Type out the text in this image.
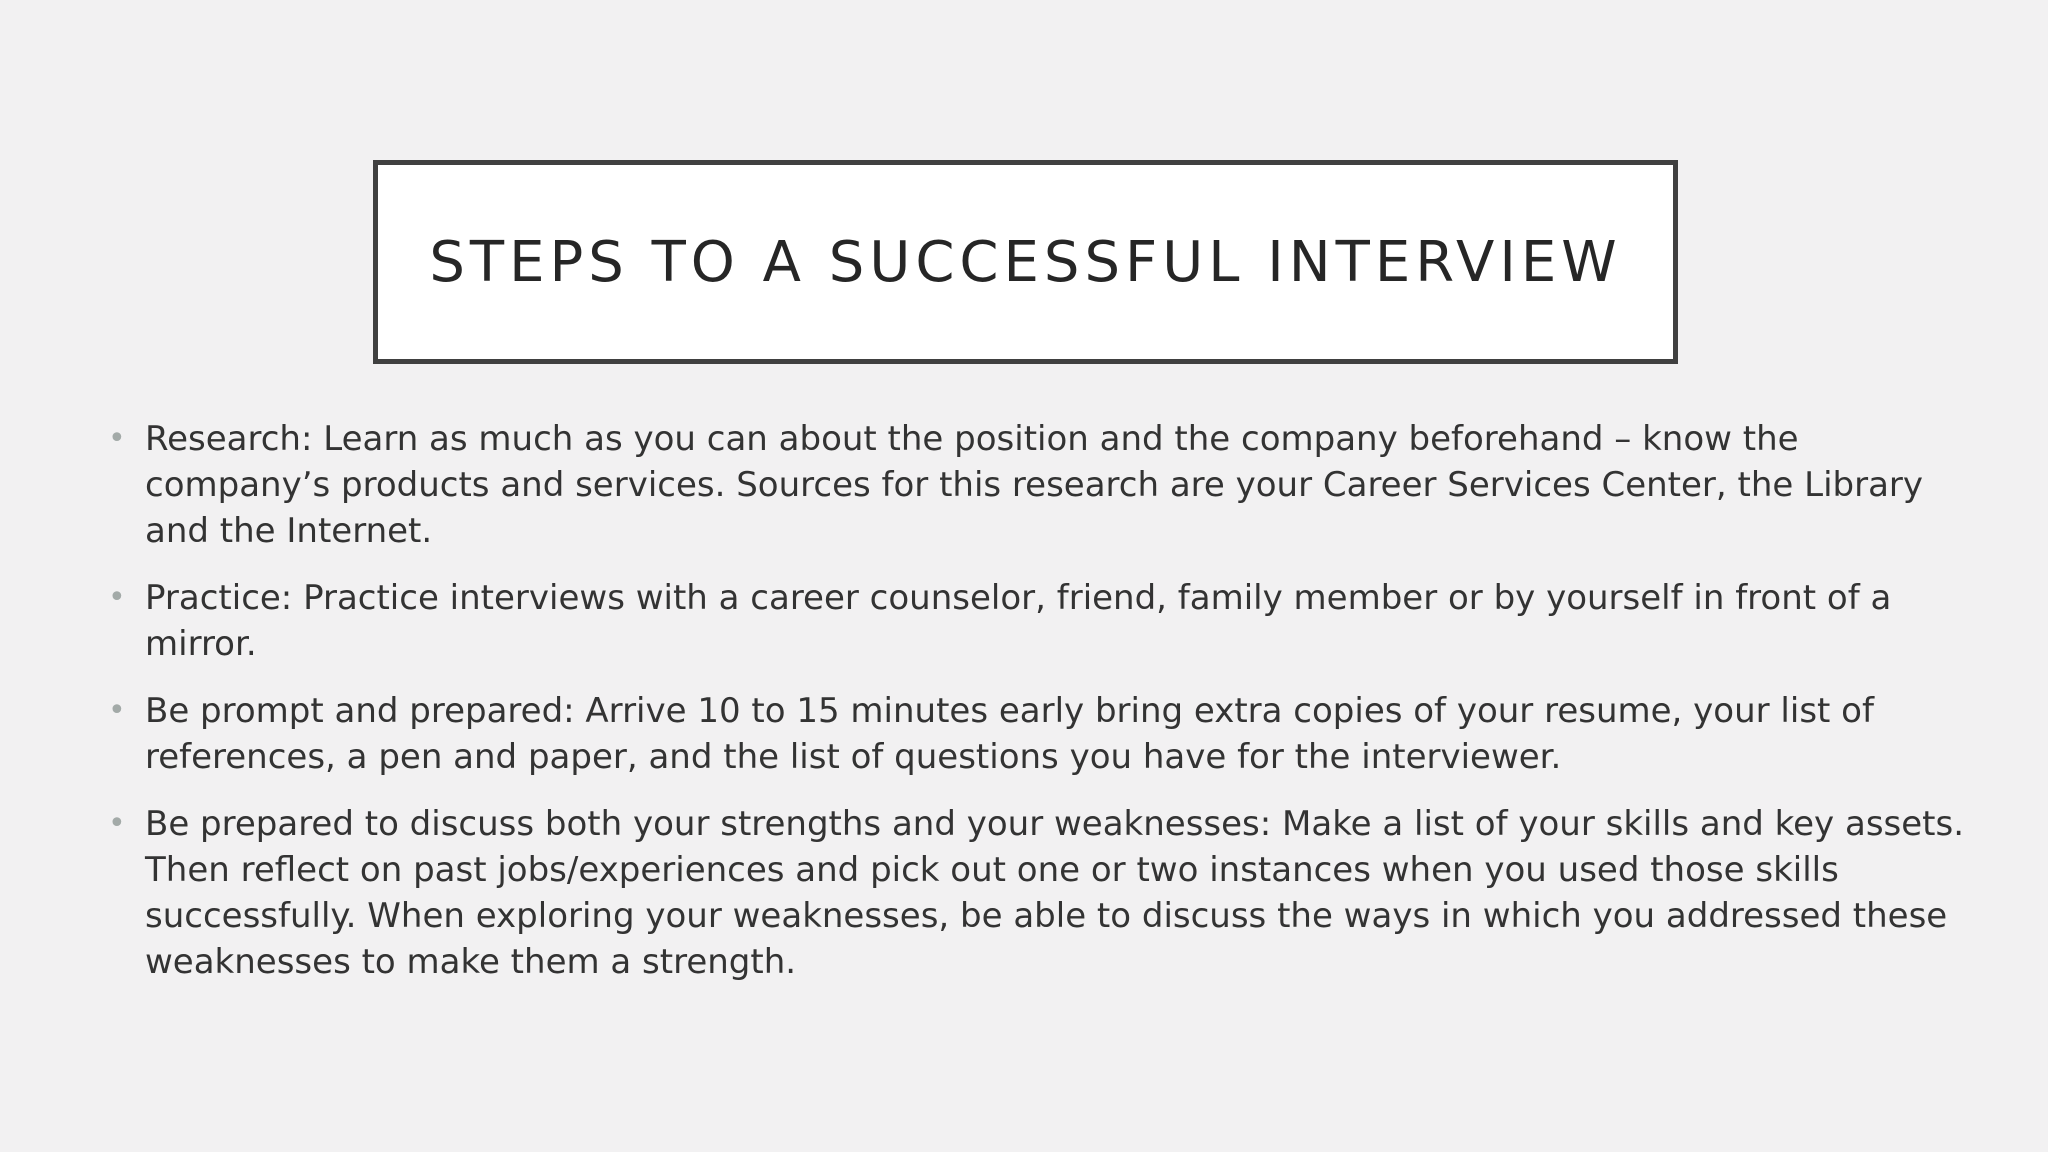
STEPS TO A SUCCESSFUL INTERVIEW
• Research: Learn as much as you can about the position and the company beforehand – know the company’s products and services. Sources for this research are your Career Services Center, the Library and the Internet.
• Practice: Practice interviews with a career counselor, friend, family member or by yourself in front of a mirror.
• Be prompt and prepared: Arrive 10 to 15 minutes early bring extra copies of your resume, your list of references, a pen and paper, and the list of questions you have for the interviewer.
• Be prepared to discuss both your strengths and your weaknesses: Make a list of your skills and key assets. Then reflect on past jobs/experiences and pick out one or two instances when you used those skills successfully. When exploring your weaknesses, be able to discuss the ways in which you addressed these weaknesses to make them a strength.
